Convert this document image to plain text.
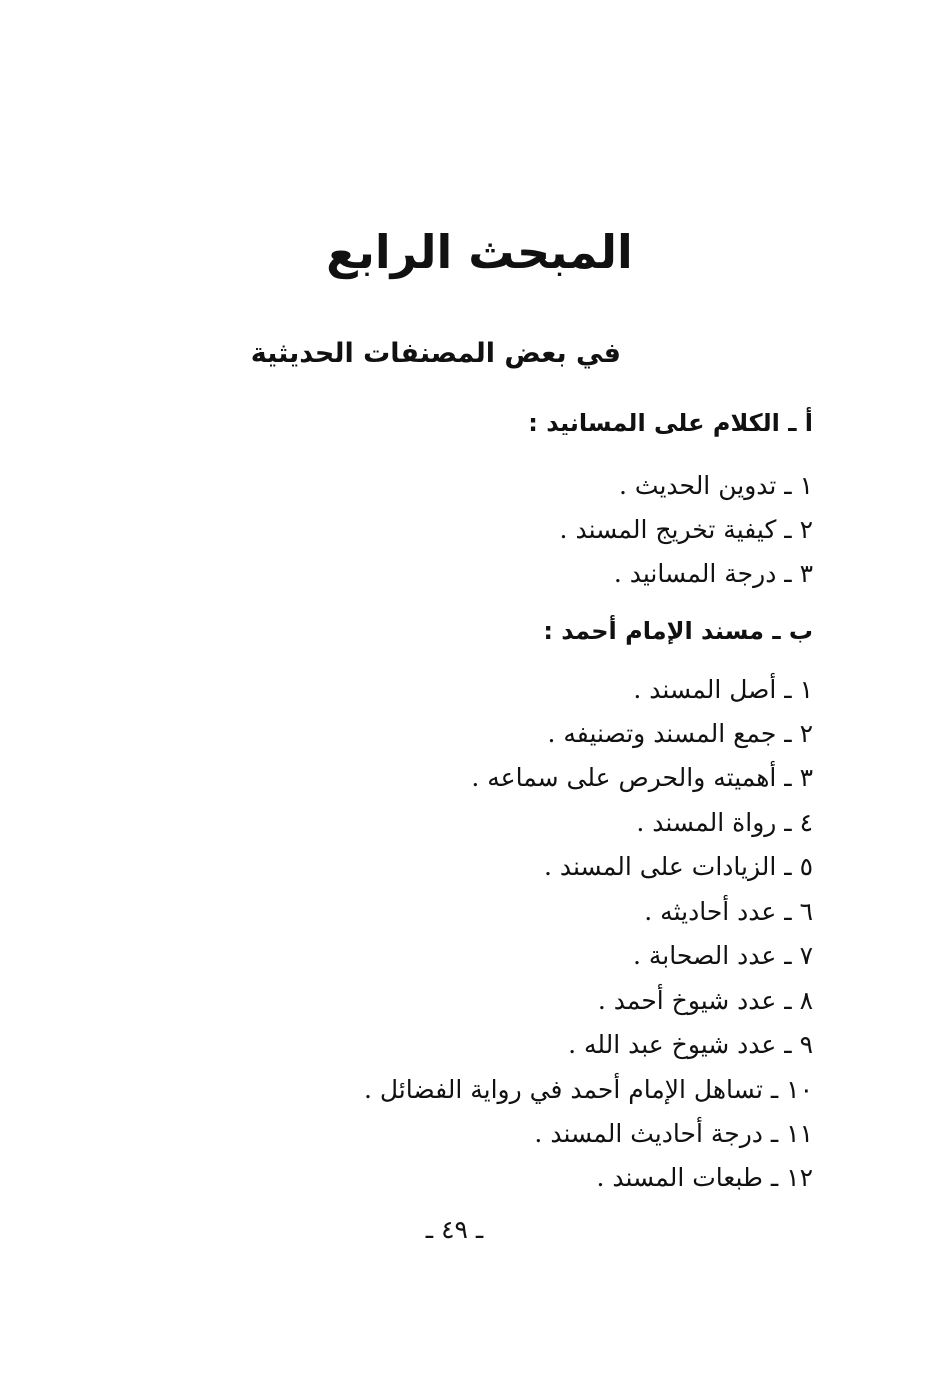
المبحث الرابع
في بعض المصنفات الحديثية
أ ـ الكلام على المسانيد :
١ ـ تدوين الحديث .
٢ ـ كيفية تخريج المسند .
٣ ـ درجة المسانيد .
ب ـ مسند الإمام أحمد :
١ ـ أصل المسند .
٢ ـ جمع المسند وتصنيفه .
٣ ـ أهميته والحرص على سماعه .
٤ ـ رواة المسند .
٥ ـ الزيادات على المسند .
٦ ـ عدد أحاديثه .
٧ ـ عدد الصحابة .
٨ ـ عدد شيوخ أحمد .
٩ ـ عدد شيوخ عبد الله .
١٠ ـ تساهل الإمام أحمد في رواية الفضائل .
١١ ـ درجة أحاديث المسند .
١٢ ـ طبعات المسند .
ـ ٤٩ ـ
